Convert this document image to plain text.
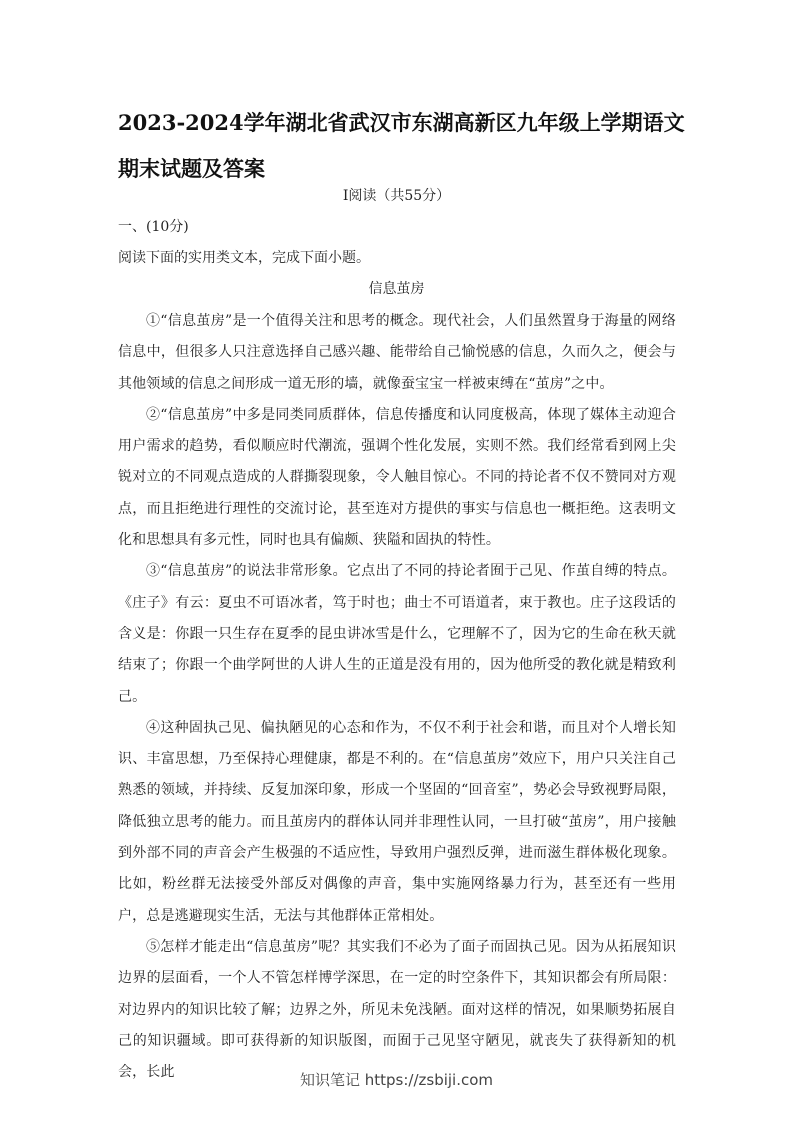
2023-2024学年湖北省武汉市东湖高新区九年级上学期语文期末试题及答案
Ⅰ阅读（共55分）
一、(10分)
阅读下面的实用类文本，完成下面小题。
信息茧房

①“信息茧房”是一个值得关注和思考的概念。现代社会，人们虽然置身于海量的网络信息中，但很多人只注意选择自己感兴趣、能带给自己愉悦感的信息，久而久之，便会与其他领域的信息之间形成一道无形的墙，就像蚕宝宝一样被束缚在“茧房”之中。

②“信息茧房”中多是同类同质群体，信息传播度和认同度极高，体现了媒体主动迎合用户需求的趋势，看似顺应时代潮流，强调个性化发展，实则不然。我们经常看到网上尖锐对立的不同观点造成的人群撕裂现象，令人触目惊心。不同的持论者不仅不赞同对方观点，而且拒绝进行理性的交流讨论，甚至连对方提供的事实与信息也一概拒绝。这表明文化和思想具有多元性，同时也具有偏颇、狭隘和固执的特性。

③“信息茧房”的说法非常形象。它点出了不同的持论者囿于己见、作茧自缚的特点。《庄子》有云：夏虫不可语冰者，笃于时也；曲士不可语道者，束于教也。庄子这段话的含义是：你跟一只生存在夏季的昆虫讲冰雪是什么，它理解不了，因为它的生命在秋天就结束了；你跟一个曲学阿世的人讲人生的正道是没有用的，因为他所受的教化就是精致利己。

④这种固执己见、偏执陋见的心态和作为，不仅不利于社会和谐，而且对个人增长知识、丰富思想，乃至保持心理健康，都是不利的。在“信息茧房”效应下，用户只关注自己熟悉的领域，并持续、反复加深印象，形成一个坚固的“回音室”，势必会导致视野局限，降低独立思考的能力。而且茧房内的群体认同并非理性认同，一旦打破“茧房”，用户接触到外部不同的声音会产生极强的不适应性，导致用户强烈反弹，进而滋生群体极化现象。比如，粉丝群无法接受外部反对偶像的声音，集中实施网络暴力行为，甚至还有一些用户，总是逃避现实生活，无法与其他群体正常相处。

⑤怎样才能走出“信息茧房”呢？其实我们不必为了面子而固执己见。因为从拓展知识边界的层面看，一个人不管怎样博学深思，在一定的时空条件下，其知识都会有所局限：对边界内的知识比较了解；边界之外，所见未免浅陋。面对这样的情况，如果顺势拓展自己的知识疆域。即可获得新的知识版图，而囿于己见坚守陋见，就丧失了获得新知的机会，长此	知识笔记 https://zsbiji.com
